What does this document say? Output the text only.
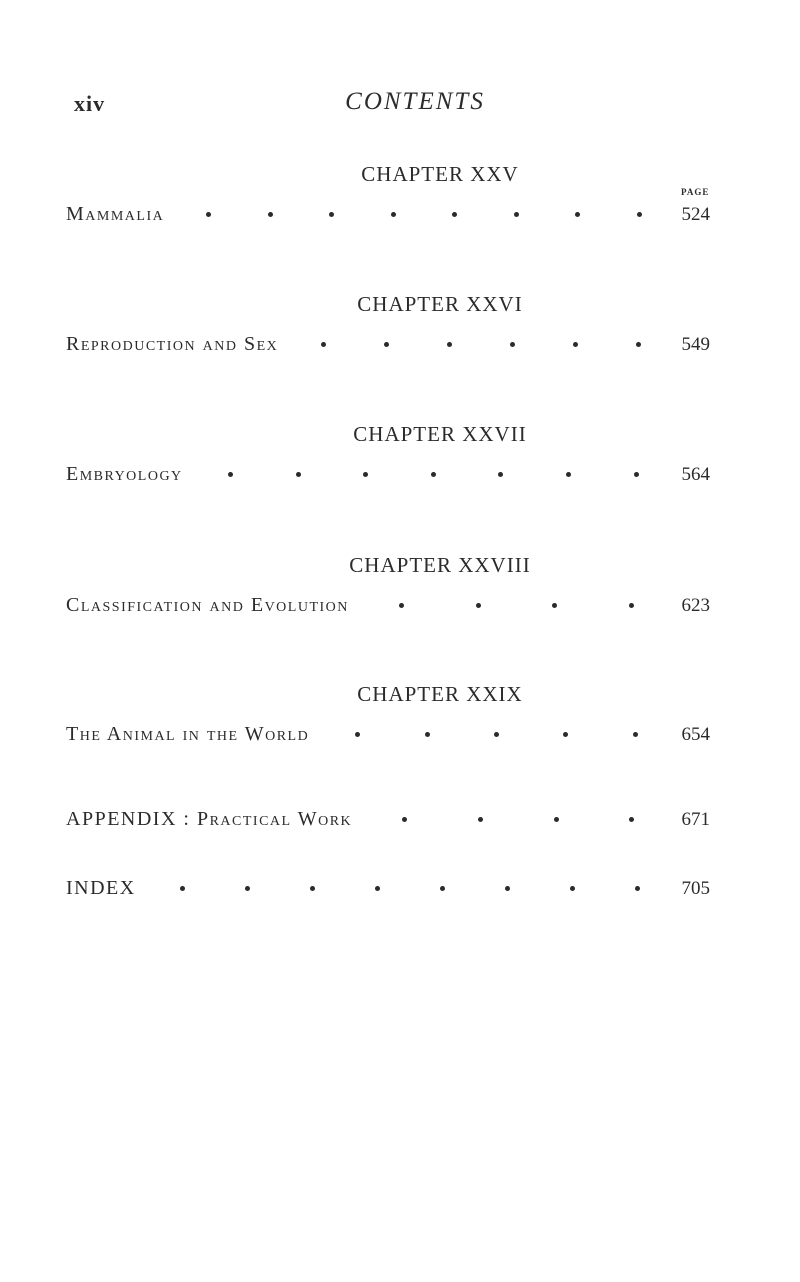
xiv	CONTENTS
CHAPTER XXV
PAGE
Mammalia	524
CHAPTER XXVI
Reproduction and Sex	549
CHAPTER XXVII
Embryology	564
CHAPTER XXVIII
Classification and Evolution	623
CHAPTER XXIX
The Animal in the World	654
APPENDIX : Practical Work	671
INDEX	705
